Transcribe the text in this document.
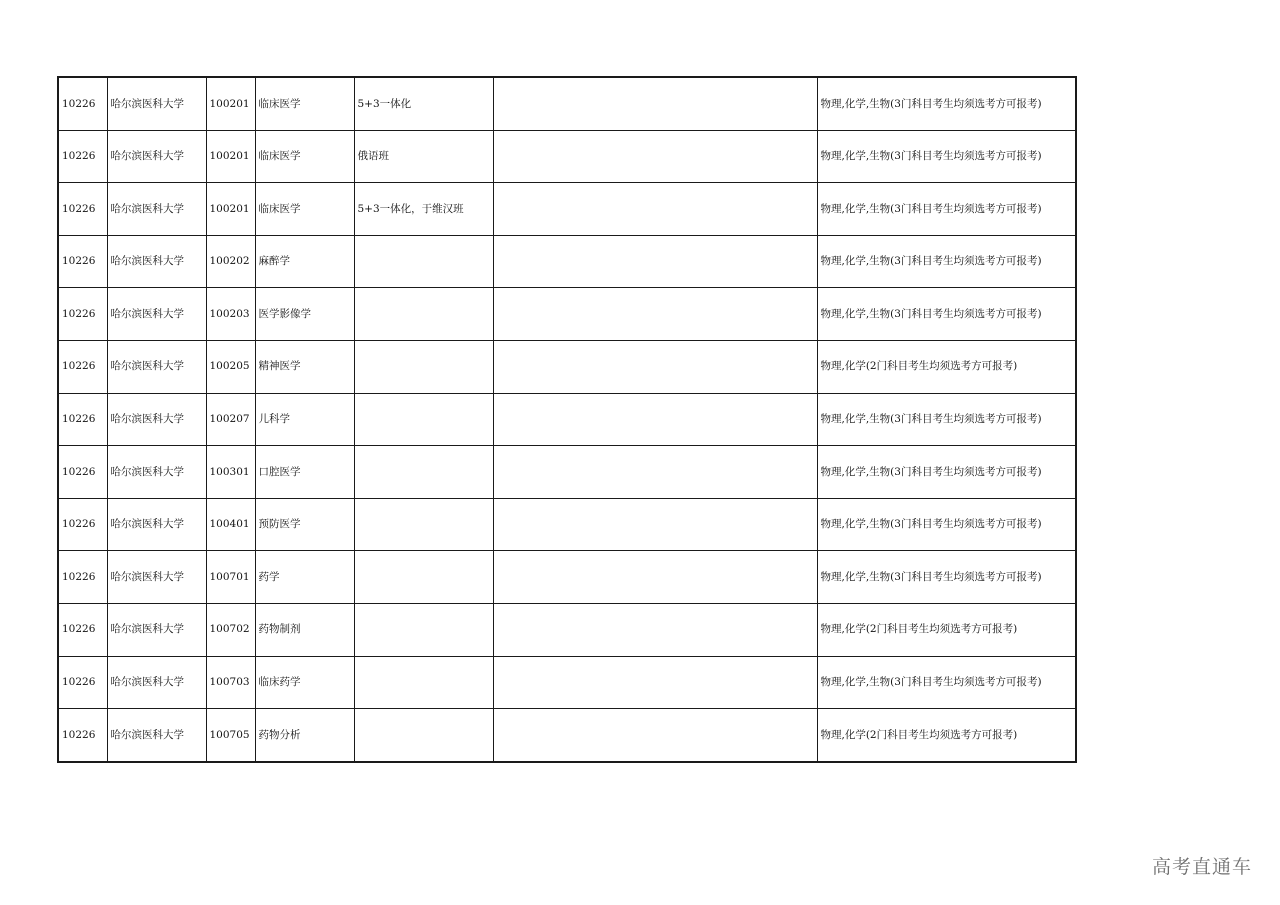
10226	哈尔滨医科大学	100201	临床医学	5+3一体化		物理,化学,生物(3门科目考生均须选考方可报考)
10226	哈尔滨医科大学	100201	临床医学	俄语班		物理,化学,生物(3门科目考生均须选考方可报考)
10226	哈尔滨医科大学	100201	临床医学	5+3一体化，于维汉班		物理,化学,生物(3门科目考生均须选考方可报考)
10226	哈尔滨医科大学	100202	麻醉学			物理,化学,生物(3门科目考生均须选考方可报考)
10226	哈尔滨医科大学	100203	医学影像学			物理,化学,生物(3门科目考生均须选考方可报考)
10226	哈尔滨医科大学	100205	精神医学			物理,化学(2门科目考生均须选考方可报考)
10226	哈尔滨医科大学	100207	儿科学			物理,化学,生物(3门科目考生均须选考方可报考)
10226	哈尔滨医科大学	100301	口腔医学			物理,化学,生物(3门科目考生均须选考方可报考)
10226	哈尔滨医科大学	100401	预防医学			物理,化学,生物(3门科目考生均须选考方可报考)
10226	哈尔滨医科大学	100701	药学			物理,化学,生物(3门科目考生均须选考方可报考)
10226	哈尔滨医科大学	100702	药物制剂			物理,化学(2门科目考生均须选考方可报考)
10226	哈尔滨医科大学	100703	临床药学			物理,化学,生物(3门科目考生均须选考方可报考)
10226	哈尔滨医科大学	100705	药物分析			物理,化学(2门科目考生均须选考方可报考)
高考直通车
